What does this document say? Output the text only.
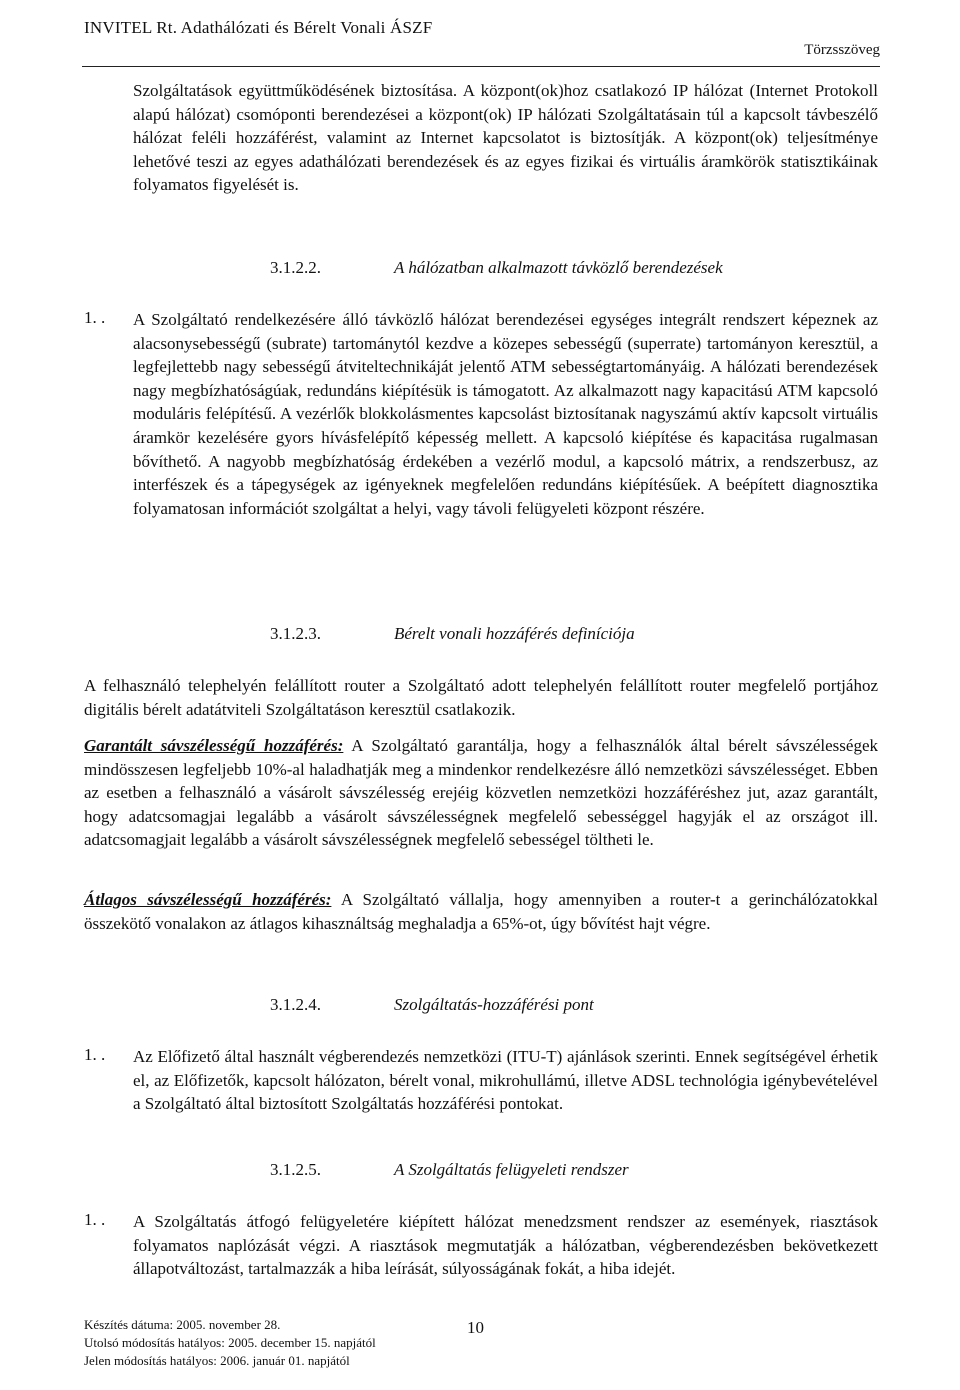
INVITEL Rt. Adathálózati és Bérelt Vonali ÁSZF
Törzsszöveg

Szolgáltatások együttműködésének biztosítása. A központ(ok)hoz csatlakozó IP hálózat (Internet Protokoll alapú hálózat) csomóponti berendezései a központ(ok) IP hálózati Szolgáltatásain túl a kapcsolt távbeszélő hálózat feléli hozzáférést, valamint az Internet kapcsolatot is biztosítják. A központ(ok) teljesítménye lehetővé teszi az egyes adathálózati berendezések és az egyes fizikai és virtuális áramkörök statisztikáinak folyamatos figyelését is.

3.1.2.2.	A hálózatban alkalmazott távközlő berendezések
1. . A Szolgáltató rendelkezésére álló távközlő hálózat berendezései egységes integrált rendszert képeznek az alacsonysebességű (subrate) tartománytól kezdve a közepes sebességű (superrate) tartományon keresztül, a legfejlettebb nagy sebességű átviteltechnikáját jelentő ATM sebességtartományáig. A hálózati berendezések nagy megbízhatóságúak, redundáns kiépítésük is támogatott. Az alkalmazott nagy kapacitású ATM kapcsoló moduláris felépítésű. A vezérlők blokkolásmentes kapcsolást biztosítanak nagyszámú aktív kapcsolt virtuális áramkör kezelésére gyors hívásfelépítő képesség mellett. A kapcsoló kiépítése és kapacitása rugalmasan bővíthető. A nagyobb megbízhatóság érdekében a vezérlő modul, a kapcsoló mátrix, a rendszerbusz, az interfészek és a tápegységek az igényeknek megfelelően redundáns kiépítésűek. A beépített diagnosztika folyamatosan információt szolgáltat a helyi, vagy távoli felügyeleti központ részére.

3.1.2.3.	Bérelt vonali hozzáférés definíciója

A felhasználó telephelyén felállított router a Szolgáltató adott telephelyén felállított router megfelelő portjához digitális bérelt adatátviteli Szolgáltatáson keresztül csatlakozik.

Garantált sávszélességű hozzáférés: A Szolgáltató garantálja, hogy a felhasználók által bérelt sávszélességek mindösszesen legfeljebb 10%-al haladhatják meg a mindenkor rendelkezésre álló nemzetközi sávszélességet. Ebben az esetben a felhasználó a vásárolt sávszélesség erejéig közvetlen nemzetközi hozzáféréshez jut, azaz garantált, hogy adatcsomagjai legalább a vásárolt sávszélességnek megfelelő sebességgel hagyják el az országot ill. adatcsomagjait legalább a vásárolt sávszélességnek megfelelő sebességel töltheti le.

Átlagos sávszélességű hozzáférés: A Szolgáltató vállalja, hogy amennyiben a router-t a gerinchálózatokkal összekötő vonalakon az átlagos kihasználtság meghaladja a 65%-ot, úgy bővítést hajt végre.

3.1.2.4.	Szolgáltatás-hozzáférési pont
1. . Az Előfizető által használt végberendezés nemzetközi (ITU-T) ajánlások szerinti. Ennek segítségével érhetik el, az Előfizetők, kapcsolt hálózaton, bérelt vonal, mikrohullámú, illetve ADSL technológia igénybevételével a Szolgáltató által biztosított Szolgáltatás hozzáférési pontokat.

3.1.2.5.	A Szolgáltatás felügyeleti rendszer
1. . A Szolgáltatás átfogó felügyeletére kiépített hálózat menedzsment rendszer az események, riasztások folyamatos naplózását végzi. A riasztások megmutatják a hálózatban, végberendezésben bekövetkezett állapotváltozást, tartalmazzák a hiba leírását, súlyosságának fokát, a hiba idejét.

Készítés dátuma: 2005. november 28.
Utolsó módosítás hatályos: 2005. december 15. napjától
Jelen módosítás hatályos: 2006. január 01. napjától
10
